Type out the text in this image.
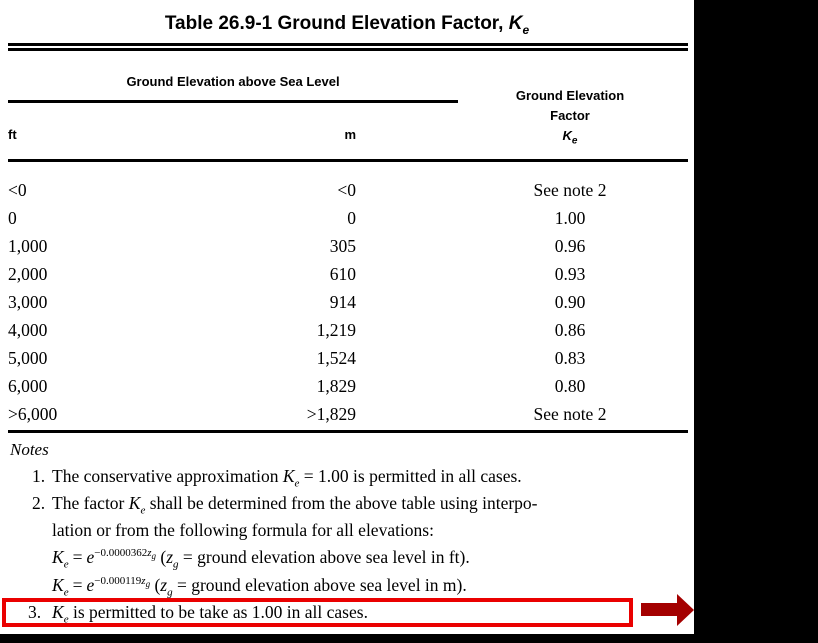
Table 26.9-1 Ground Elevation Factor, $K_e$
Ground Elevation above Sea Level
Ground Elevation
Factor
$K_e$
ft	m
<0	<0	See note 2
0	0	1.00
1,000	305	0.96
2,000	610	0.93
3,000	914	0.90
4,000	1,219	0.86
5,000	1,524	0.83
6,000	1,829	0.80
>6,000	>1,829	See note 2
Notes
1. The conservative approximation $K_e = 1.00$ is permitted in all cases.
2. The factor $K_e$ shall be determined from the above table using interpo-
lation or from the following formula for all elevations:
$K_e = e^{-0.0000362z_g}$ ($z_g$ = ground elevation above sea level in ft).
$K_e = e^{-0.000119z_g}$ ($z_g$ = ground elevation above sea level in m).
3. $K_e$ is permitted to be take as 1.00 in all cases.
